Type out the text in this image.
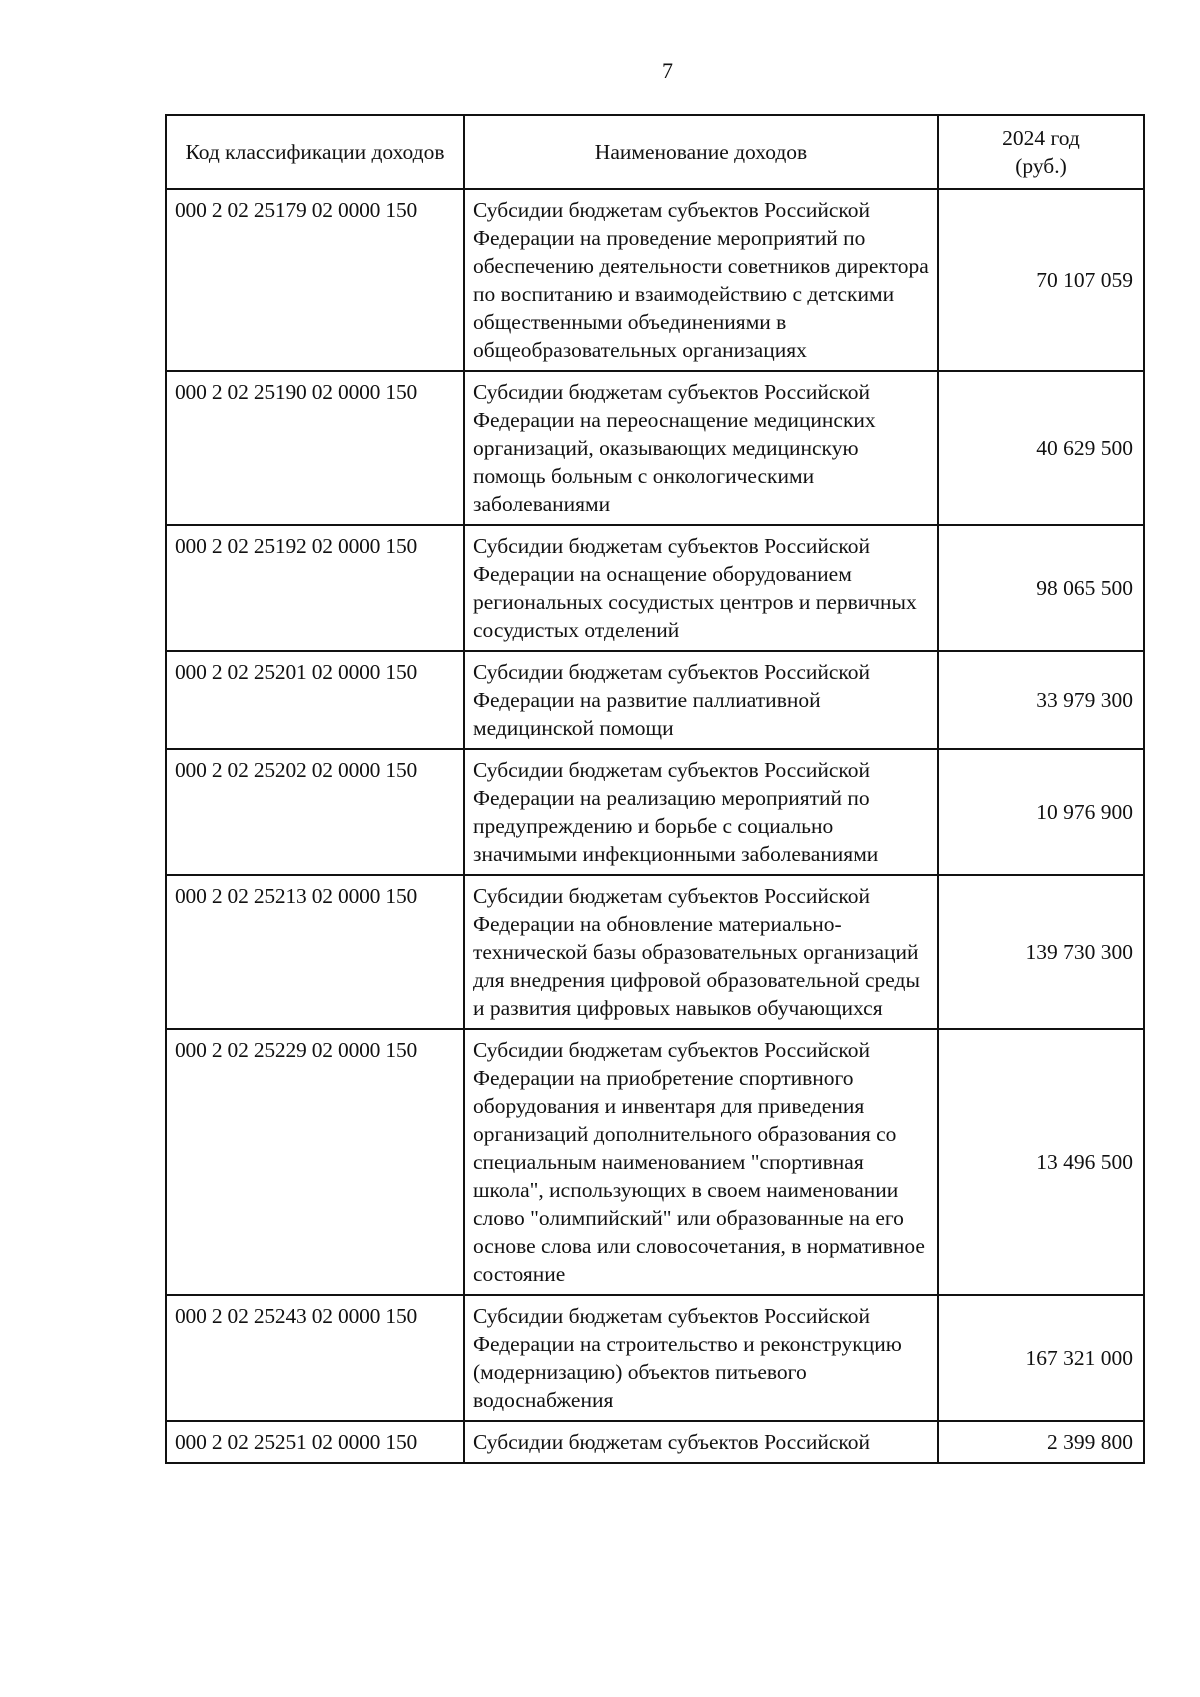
7
Код классификации доходов	Наименование доходов	2024 год (руб.)
000 2 02 25179 02 0000 150	Субсидии бюджетам субъектов Российской Федерации на проведение мероприятий по обеспечению деятельности советников директора по воспитанию и взаимодействию с детскими общественными объединениями в общеобразовательных организациях	70 107 059
000 2 02 25190 02 0000 150	Субсидии бюджетам субъектов Российской Федерации на переоснащение медицинских организаций, оказывающих медицинскую помощь больным с онкологическими заболеваниями	40 629 500
000 2 02 25192 02 0000 150	Субсидии бюджетам субъектов Российской Федерации на оснащение оборудованием региональных сосудистых центров и первичных сосудистых отделений	98 065 500
000 2 02 25201 02 0000 150	Субсидии бюджетам субъектов Российской Федерации на развитие паллиативной медицинской помощи	33 979 300
000 2 02 25202 02 0000 150	Субсидии бюджетам субъектов Российской Федерации на реализацию мероприятий по предупреждению и борьбе с социально значимыми инфекционными заболеваниями	10 976 900
000 2 02 25213 02 0000 150	Субсидии бюджетам субъектов Российской Федерации на обновление материально-технической базы образовательных организаций для внедрения цифровой образовательной среды и развития цифровых навыков обучающихся	139 730 300
000 2 02 25229 02 0000 150	Субсидии бюджетам субъектов Российской Федерации на приобретение спортивного оборудования и инвентаря для приведения организаций дополнительного образования со специальным наименованием "спортивная школа", использующих в своем наименовании слово "олимпийский" или образованные на его основе слова или словосочетания, в нормативное состояние	13 496 500
000 2 02 25243 02 0000 150	Субсидии бюджетам субъектов Российской Федерации на строительство и реконструкцию (модернизацию) объектов питьевого водоснабжения	167 321 000
000 2 02 25251 02 0000 150	Субсидии бюджетам субъектов Российской	2 399 800
